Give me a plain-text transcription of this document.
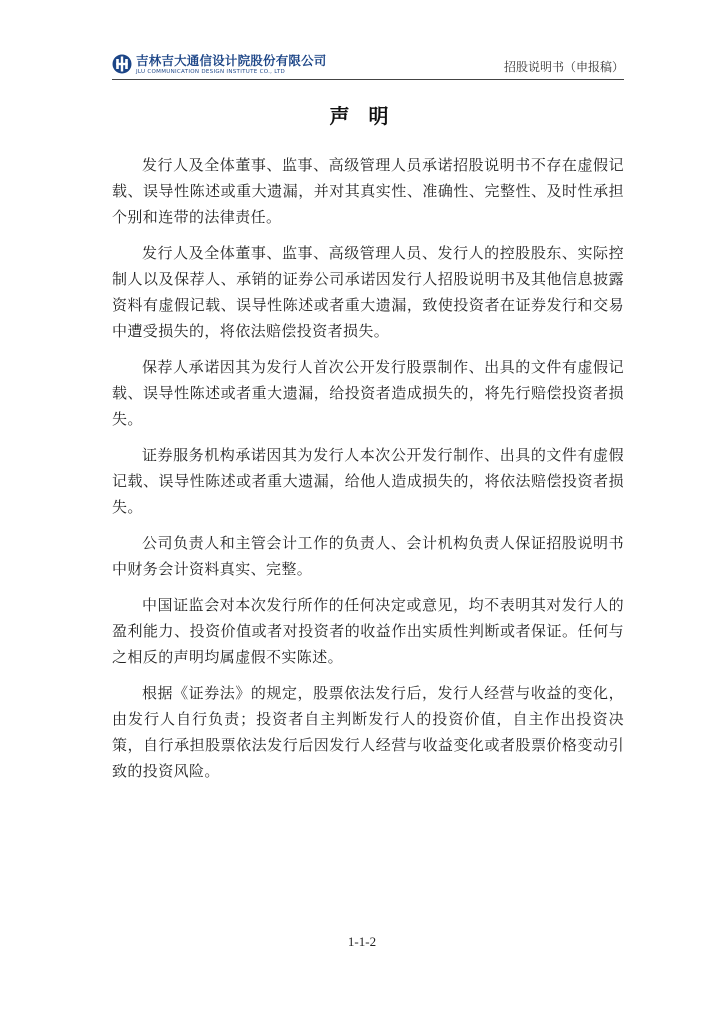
吉林吉大通信设计院股份有限公司
JLU COMMUNICATION DESIGN INSTITUTE CO., LTD	招股说明书（申报稿）
声 明

发行人及全体董事、监事、高级管理人员承诺招股说明书不存在虚假记载、误导性陈述或重大遗漏，并对其真实性、准确性、完整性、及时性承担个别和连带的法律责任。

发行人及全体董事、监事、高级管理人员、发行人的控股股东、实际控制人以及保荐人、承销的证券公司承诺因发行人招股说明书及其他信息披露资料有虚假记载、误导性陈述或者重大遗漏，致使投资者在证券发行和交易中遭受损失的，将依法赔偿投资者损失。

保荐人承诺因其为发行人首次公开发行股票制作、出具的文件有虚假记载、误导性陈述或者重大遗漏，给投资者造成损失的，将先行赔偿投资者损失。

证券服务机构承诺因其为发行人本次公开发行制作、出具的文件有虚假记载、误导性陈述或者重大遗漏，给他人造成损失的，将依法赔偿投资者损失。

公司负责人和主管会计工作的负责人、会计机构负责人保证招股说明书中财务会计资料真实、完整。

中国证监会对本次发行所作的任何决定或意见，均不表明其对发行人的盈利能力、投资价值或者对投资者的收益作出实质性判断或者保证。任何与之相反的声明均属虚假不实陈述。

根据《证券法》的规定，股票依法发行后，发行人经营与收益的变化，由发行人自行负责；投资者自主判断发行人的投资价值，自主作出投资决策，自行承担股票依法发行后因发行人经营与收益变化或者股票价格变动引致的投资风险。

1-1-2
